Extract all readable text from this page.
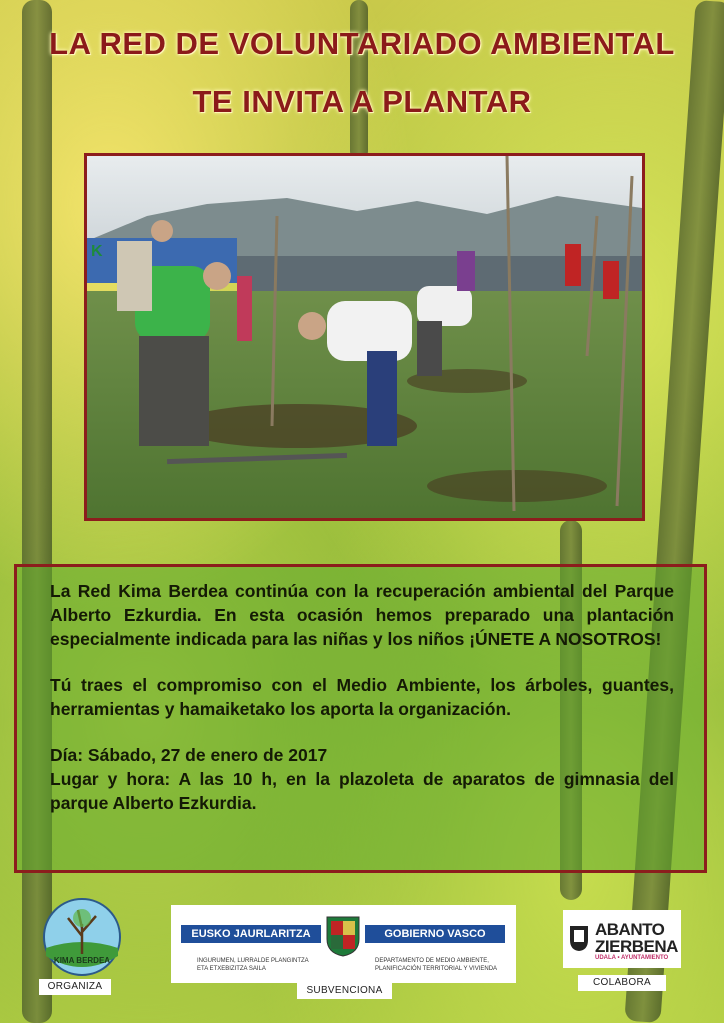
LA RED DE VOLUNTARIADO AMBIENTAL
TE INVITA A PLANTAR
K

La Red Kima Berdea continúa con la recuperación ambiental del Parque Alberto Ezkurdia. En esta ocasión hemos preparado una plantación especialmente indicada para las niñas y los niños ¡ÚNETE A NOSOTROS!

Tú traes el compromiso con el Medio Ambiente, los árboles, guantes, herramientas y hamaiketako los aporta la organización.

Día: Sábado, 27 de enero de 2017
Lugar y hora: A las 10 h, en la plazoleta de aparatos de gimnasia del parque Alberto Ezkurdia.

KIMA BERDEA
ORGANIZA
EUSKO JAURLARITZA	GOBIERNO VASCO
INGURUMEN, LURRALDE PLANGINTZA ETA ETXEBIZITZA SAILA
DEPARTAMENTO DE MEDIO AMBIENTE, PLANIFICACIÓN TERRITORIAL Y VIVIENDA
SUBVENCIONA
ABANTO
ZIERBENA
UDALA • AYUNTAMIENTO
COLABORA
